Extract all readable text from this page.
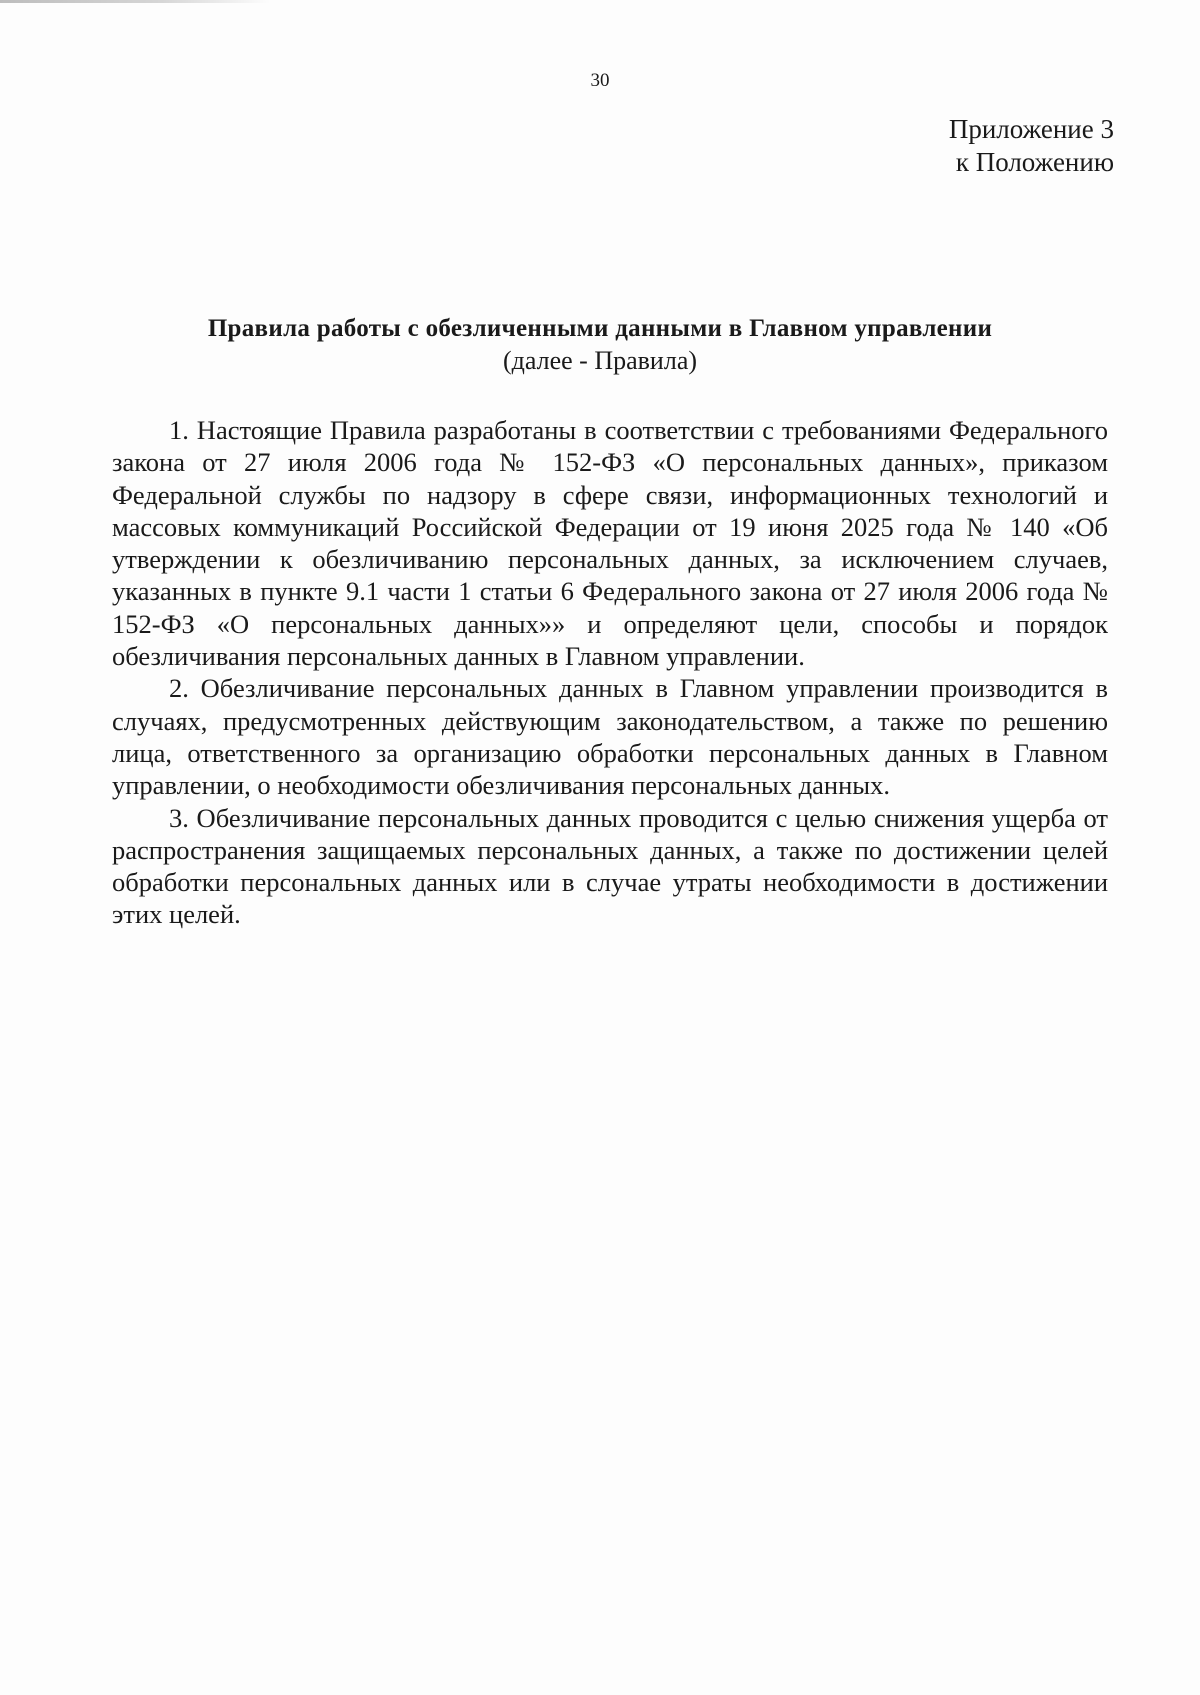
30
Приложение 3
к Положению
Правила работы с обезличенными данными в Главном управлении
(далее - Правила)

1. Настоящие Правила разработаны в соответствии с требованиями Федерального закона от 27 июля 2006 года № 152-ФЗ «О персональных данных», приказом Федеральной службы по надзору в сфере связи, информационных технологий и массовых коммуникаций Российской Федерации от 19 июня 2025 года № 140 «Об утверждении к обезличиванию персональных данных, за исключением случаев, указанных в пункте 9.1 части 1 статьи 6 Федерального закона от 27 июля 2006 года № 152-ФЗ «О персональных данных»» и определяют цели, способы и порядок обезличивания персональных данных в Главном управлении.

2. Обезличивание персональных данных в Главном управлении производится в случаях, предусмотренных действующим законодательством, а также по решению лица, ответственного за организацию обработки персональных данных в Главном управлении, о необходимости обезличивания персональных данных.

3. Обезличивание персональных данных проводится с целью снижения ущерба от распространения защищаемых персональных данных, а также по достижении целей обработки персональных данных или в случае утраты необходимости в достижении этих целей.
